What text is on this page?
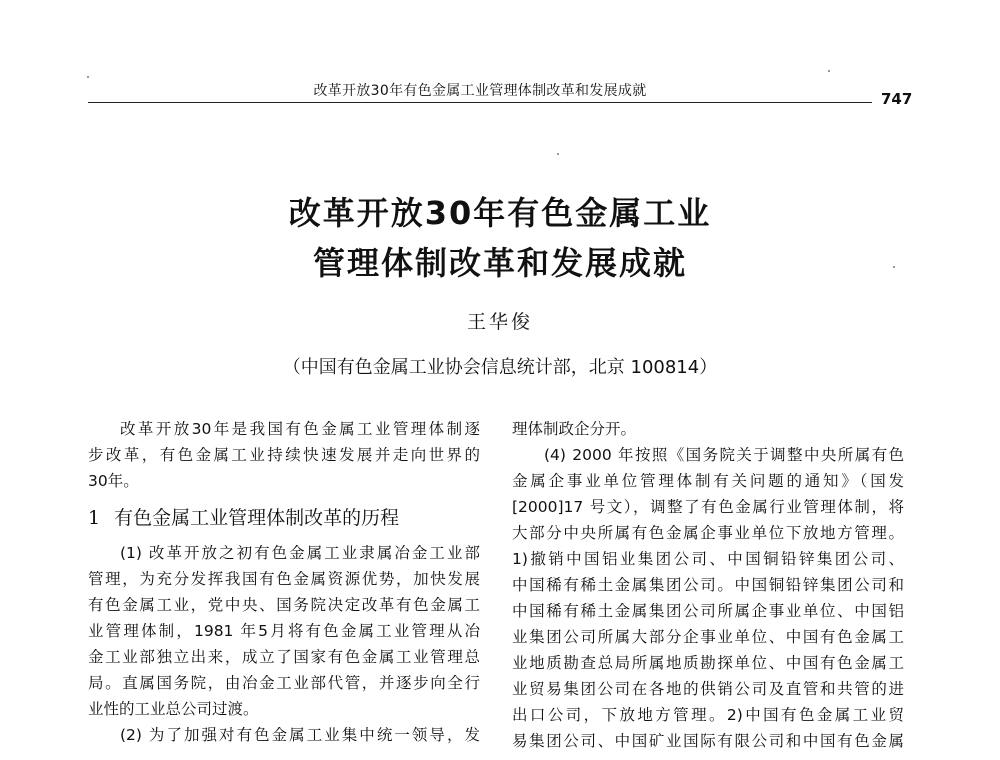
改革开放30年有色金属工业管理体制改革和发展成就	747
改革开放30年有色金属工业
管理体制改革和发展成就
王华俊
（中国有色金属工业协会信息统计部，北京 100814）
改革开放30年是我国有色金属工业管理体制逐
步改革，有色金属工业持续快速发展并走向世界的
30年。
1 有色金属工业管理体制改革的历程
(1) 改革开放之初有色金属工业隶属冶金工业部
管理，为充分发挥我国有色金属资源优势，加快发展
有色金属工业，党中央、国务院决定改革有色金属工
业管理体制，1981 年5月将有色金属工业管理从冶
金工业部独立出来，成立了国家有色金属工业管理总
局。直属国务院，由冶金工业部代管，并逐步向全行
业性的工业总公司过渡。
(2) 为了加强对有色金属工业集中统一领导，发
理体制政企分开。
(4) 2000 年按照《国务院关于调整中央所属有色
金属企事业单位管理体制有关问题的通知》（国发
[2000]17 号文），调整了有色金属行业管理体制，将
大部分中央所属有色金属企事业单位下放地方管理。
1)撤销中国铝业集团公司、中国铜铅锌集团公司、
中国稀有稀土金属集团公司。中国铜铅锌集团公司和
中国稀有稀土金属集团公司所属企事业单位、中国铝
业集团公司所属大部分企事业单位、中国有色金属工
业地质勘查总局所属地质勘探单位、中国有色金属工
业贸易集团公司在各地的供销公司及直管和共管的进
出口公司，下放地方管理。2)中国有色金属工业贸
易集团公司、中国矿业国际有限公司和中国有色金属
